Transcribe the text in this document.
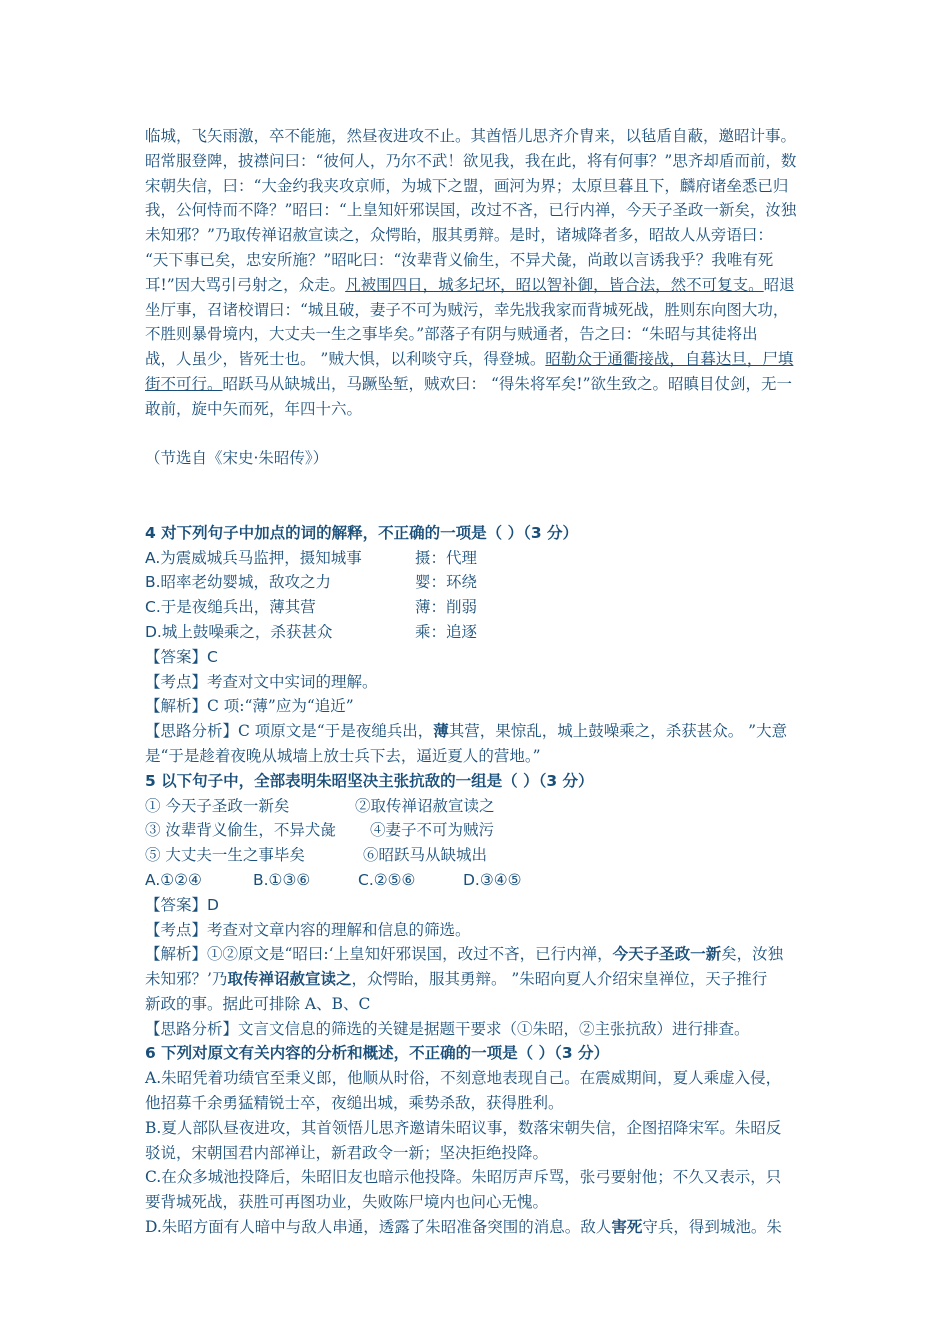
临城，飞矢雨激，卒不能施，然昼夜进攻不止。其酋悟儿思齐介胄来，以毡盾自蔽，邀昭计事。

昭常服登陴，披襟问曰：“彼何人，乃尔不武！欲见我，我在此，将有何事？”思齐却盾而前，数

宋朝失信，曰：“大金约我夹攻京师，为城下之盟，画河为界；太原旦暮且下，麟府诸垒悉已归

我，公何恃而不降？”昭曰：“上皇知奸邪误国，改过不吝，已行内禅，今天子圣政一新矣，汝独

未知邪？”乃取传禅诏赦宣读之，众愕眙，服其勇辩。是时，诸城降者多，昭故人从旁语曰：

“天下事已矣，忠安所施？”昭叱曰：“汝辈背义偷生，不异犬彘，尚敢以言诱我乎？我唯有死

耳!”因大骂引弓射之，众走。凡被围四日，城多圮坏，昭以智补御，皆合法，然不可复支。昭退

坐厅事，召诸校谓曰：“城且破，妻子不可为贼污，幸先戕我家而背城死战，胜则东向图大功，

不胜则暴骨境内，大丈夫一生之事毕矣。”部落子有阴与贼通者，告之曰：“朱昭与其徒将出

战，人虽少，皆死士也。 ”贼大惧，以利啖守兵，得登城。昭勒众于通衢接战，自暮达旦，尸填

街不可行。昭跃马从缺城出，马蹶坠堑，贼欢曰： “得朱将军矣!”欲生致之。昭瞋目仗剑，无一

敢前，旋中矢而死，年四十六。

（节选自《宋史·朱昭传》）

4 对下列句子中加点的词的解释，不正确的一项是（ ）（3 分）

A.为震威城兵马监押，摄知城事	摄：代理

B.昭率老幼婴城，敌攻之力	婴：环绕

C.于是夜缒兵出，薄其营	薄：削弱

D.城上鼓噪乘之，杀获甚众	乘：追逐

【答案】C

【考点】考查对文中实词的理解。

【解析】C 项:“薄”应为“追近”

【思路分析】C 项原文是“于是夜缒兵出，薄其营，果惊乱，城上鼓噪乘之，杀获甚众。 ”大意

是“于是趁着夜晚从城墙上放士兵下去，逼近夏人的营地。”

5 以下句子中，全部表明朱昭坚决主张抗敌的一组是（ ）（3 分）

① 今天子圣政一新矣	②取传禅诏赦宣读之

③ 汝辈背义偷生，不异犬彘 ④妻子不可为贼污

⑤ 大丈夫一生之事毕矣	⑥昭跃马从缺城出

A.①②④	B.①③⑥	C.②⑤⑥	D.③④⑤

【答案】D

【考点】考查对文章内容的理解和信息的筛选。

【解析】①②原文是“昭曰:‘上皇知奸邪误国，改过不吝，已行内禅，今天子圣政一新矣，汝独

未知邪？’乃取传禅诏赦宣读之，众愕眙，服其勇辩。 ”朱昭向夏人介绍宋皇禅位，天子推行

新政的事。据此可排除 A、B、C

【思路分析】文言文信息的筛选的关键是据题干要求（①朱昭，②主张抗敌）进行排查。

6 下列对原文有关内容的分析和概述，不正确的一项是（ ）（3 分）

A.朱昭凭着功绩官至秉义郎，他顺从时俗，不刻意地表现自己。在震威期间，夏人乘虚入侵，

他招募千余勇猛精锐士卒，夜缒出城，乘势杀敌，获得胜利。

B.夏人部队昼夜进攻，其首领悟儿思齐邀请朱昭议事，数落宋朝失信，企图招降宋军。朱昭反

驳说，宋朝国君内部禅让，新君政令一新；坚决拒绝投降。

C.在众多城池投降后，朱昭旧友也暗示他投降。朱昭厉声斥骂，张弓要射他；不久又表示，只

要背城死战，获胜可再图功业，失败陈尸境内也问心无愧。

D.朱昭方面有人暗中与敌人串通，透露了朱昭准备突围的消息。敌人害死守兵，得到城池。朱
